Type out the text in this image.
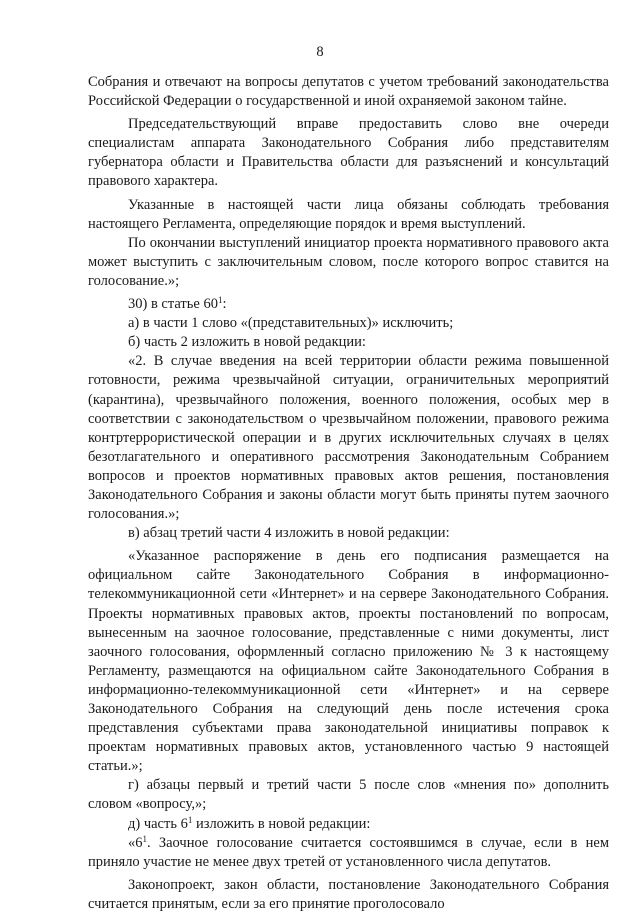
8

Собрания и отвечают на вопросы депутатов с учетом требований законодательства Российской Федерации о государственной и иной охраняемой законом тайне.

Председательствующий вправе предоставить слово вне очереди специалистам аппарата Законодательного Собрания либо представителям губернатора области и Правительства области для разъяснений и консультаций правового характера.

Указанные в настоящей части лица обязаны соблюдать требования настоящего Регламента, определяющие порядок и время выступлений.

По окончании выступлений инициатор проекта нормативного правового акта может выступить с заключительным словом, после которого вопрос ставится на голосование.»;

30) в статье $60^1$:

а) в части 1 слово «(представительных)» исключить;

б) часть 2 изложить в новой редакции:

«2. В случае введения на всей территории области режима повышенной готовности, режима чрезвычайной ситуации, ограничительных мероприятий (карантина), чрезвычайного положения, военного положения, особых мер в соответствии с законодательством о чрезвычайном положении, правового режима контртеррористической операции и в других исключительных случаях в целях безотлагательного и оперативного рассмотрения Законодательным Собранием вопросов и проектов нормативных правовых актов решения, постановления Законодательного Собрания и законы области могут быть приняты путем заочного голосования.»;

в) абзац третий части 4 изложить в новой редакции:

«Указанное распоряжение в день его подписания размещается на официальном сайте Законодательного Собрания в информационно-телекоммуникационной сети «Интернет» и на сервере Законодательного Собрания. Проекты нормативных правовых актов, проекты постановлений по вопросам, вынесенным на заочное голосование, представленные с ними документы, лист заочного голосования, оформленный согласно приложению № 3 к настоящему Регламенту, размещаются на официальном сайте Законодательного Собрания в информационно-телекоммуникационной сети «Интернет» и на сервере Законодательного Собрания на следующий день после истечения срока представления субъектами права законодательной инициативы поправок к проектам нормативных правовых актов, установленного частью 9 настоящей статьи.»;

г) абзацы первый и третий части 5 после слов «мнения по» дополнить словом «вопросу,»;

д) часть $6^1$ изложить в новой редакции:

«$6^1$. Заочное голосование считается состоявшимся в случае, если в нем приняло участие не менее двух третей от установленного числа депутатов.

Законопроект, закон области, постановление Законодательного Собрания считается принятым, если за его принятие проголосовало
